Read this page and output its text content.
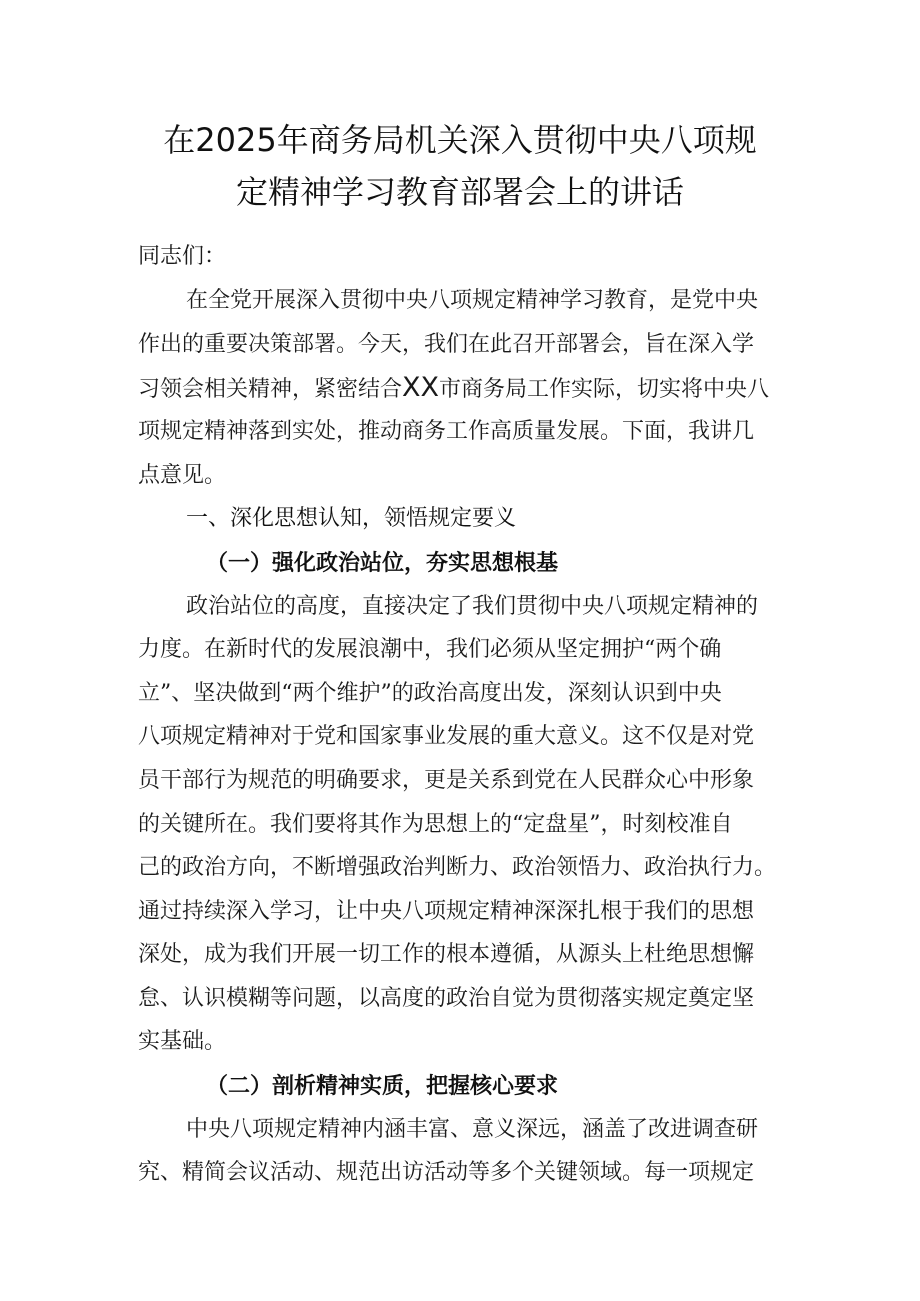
在2025年商务局机关深入贯彻中央八项规
定精神学习教育部署会上的讲话
同志们：
在全党开展深入贯彻中央八项规定精神学习教育，是党中央
作出的重要决策部署。今天，我们在此召开部署会，旨在深入学
习领会相关精神，紧密结合XX市商务局工作实际，切实将中央八
项规定精神落到实处，推动商务工作高质量发展。下面，我讲几
点意见。
一、深化思想认知，领悟规定要义
（一）强化政治站位，夯实思想根基
政治站位的高度，直接决定了我们贯彻中央八项规定精神的
力度。在新时代的发展浪潮中，我们必须从坚定拥护“两个确
立”、坚决做到“两个维护”的政治高度出发，深刻认识到中央
八项规定精神对于党和国家事业发展的重大意义。这不仅是对党
员干部行为规范的明确要求，更是关系到党在人民群众心中形象
的关键所在。我们要将其作为思想上的“定盘星”，时刻校准自
己的政治方向，不断增强政治判断力、政治领悟力、政治执行力。
通过持续深入学习，让中央八项规定精神深深扎根于我们的思想
深处，成为我们开展一切工作的根本遵循，从源头上杜绝思想懈
怠、认识模糊等问题，以高度的政治自觉为贯彻落实规定奠定坚
实基础。
（二）剖析精神实质，把握核心要求
中央八项规定精神内涵丰富、意义深远，涵盖了改进调查研
究、精简会议活动、规范出访活动等多个关键领域。每一项规定
